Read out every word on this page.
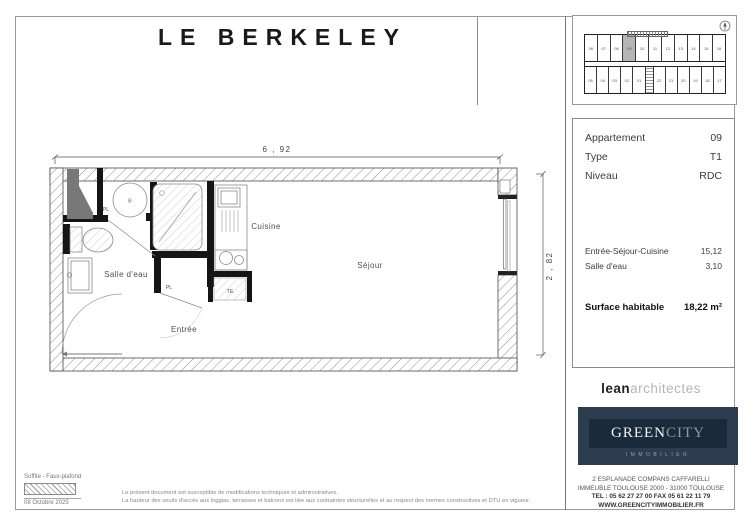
LE BERKELEY	06	07	08	09	10	11	12	13	14	15	16
05	04	03	02	01	22	21	20	19	18	17
Appartement	09
Type	T1
Niveau	RDC
Entrée-Séjour-Cuisine	15,12
Salle d'eau	3,10
Surface habitable 18,22 m²
leanarchitectes
GREEN CITY
IMMOBILIER
2 ESPLANADE COMPANS CAFFARELLI
IMMEUBLE TOULOUSE 2000 - 31000 TOULOUSE
TEL : 05 62 27 27 00 FAX 05 61 22 11 79
WWW.GREENCITYIMMOBILIER.FR
Soffite - Faux-plafond
08 Octobre 2025
Le présent document est susceptible de modifications techniques et administratives.
La hauteur des seuils d'accès aux loggias, terrasses et balcons est liée aux contraintes structurelles et au respect des normes constructives et DTU en vigueur.
6 , 92
2 , 82
B
PL
TE
PL
Séjour
Cuisine
Salle d'eau
Entrée
